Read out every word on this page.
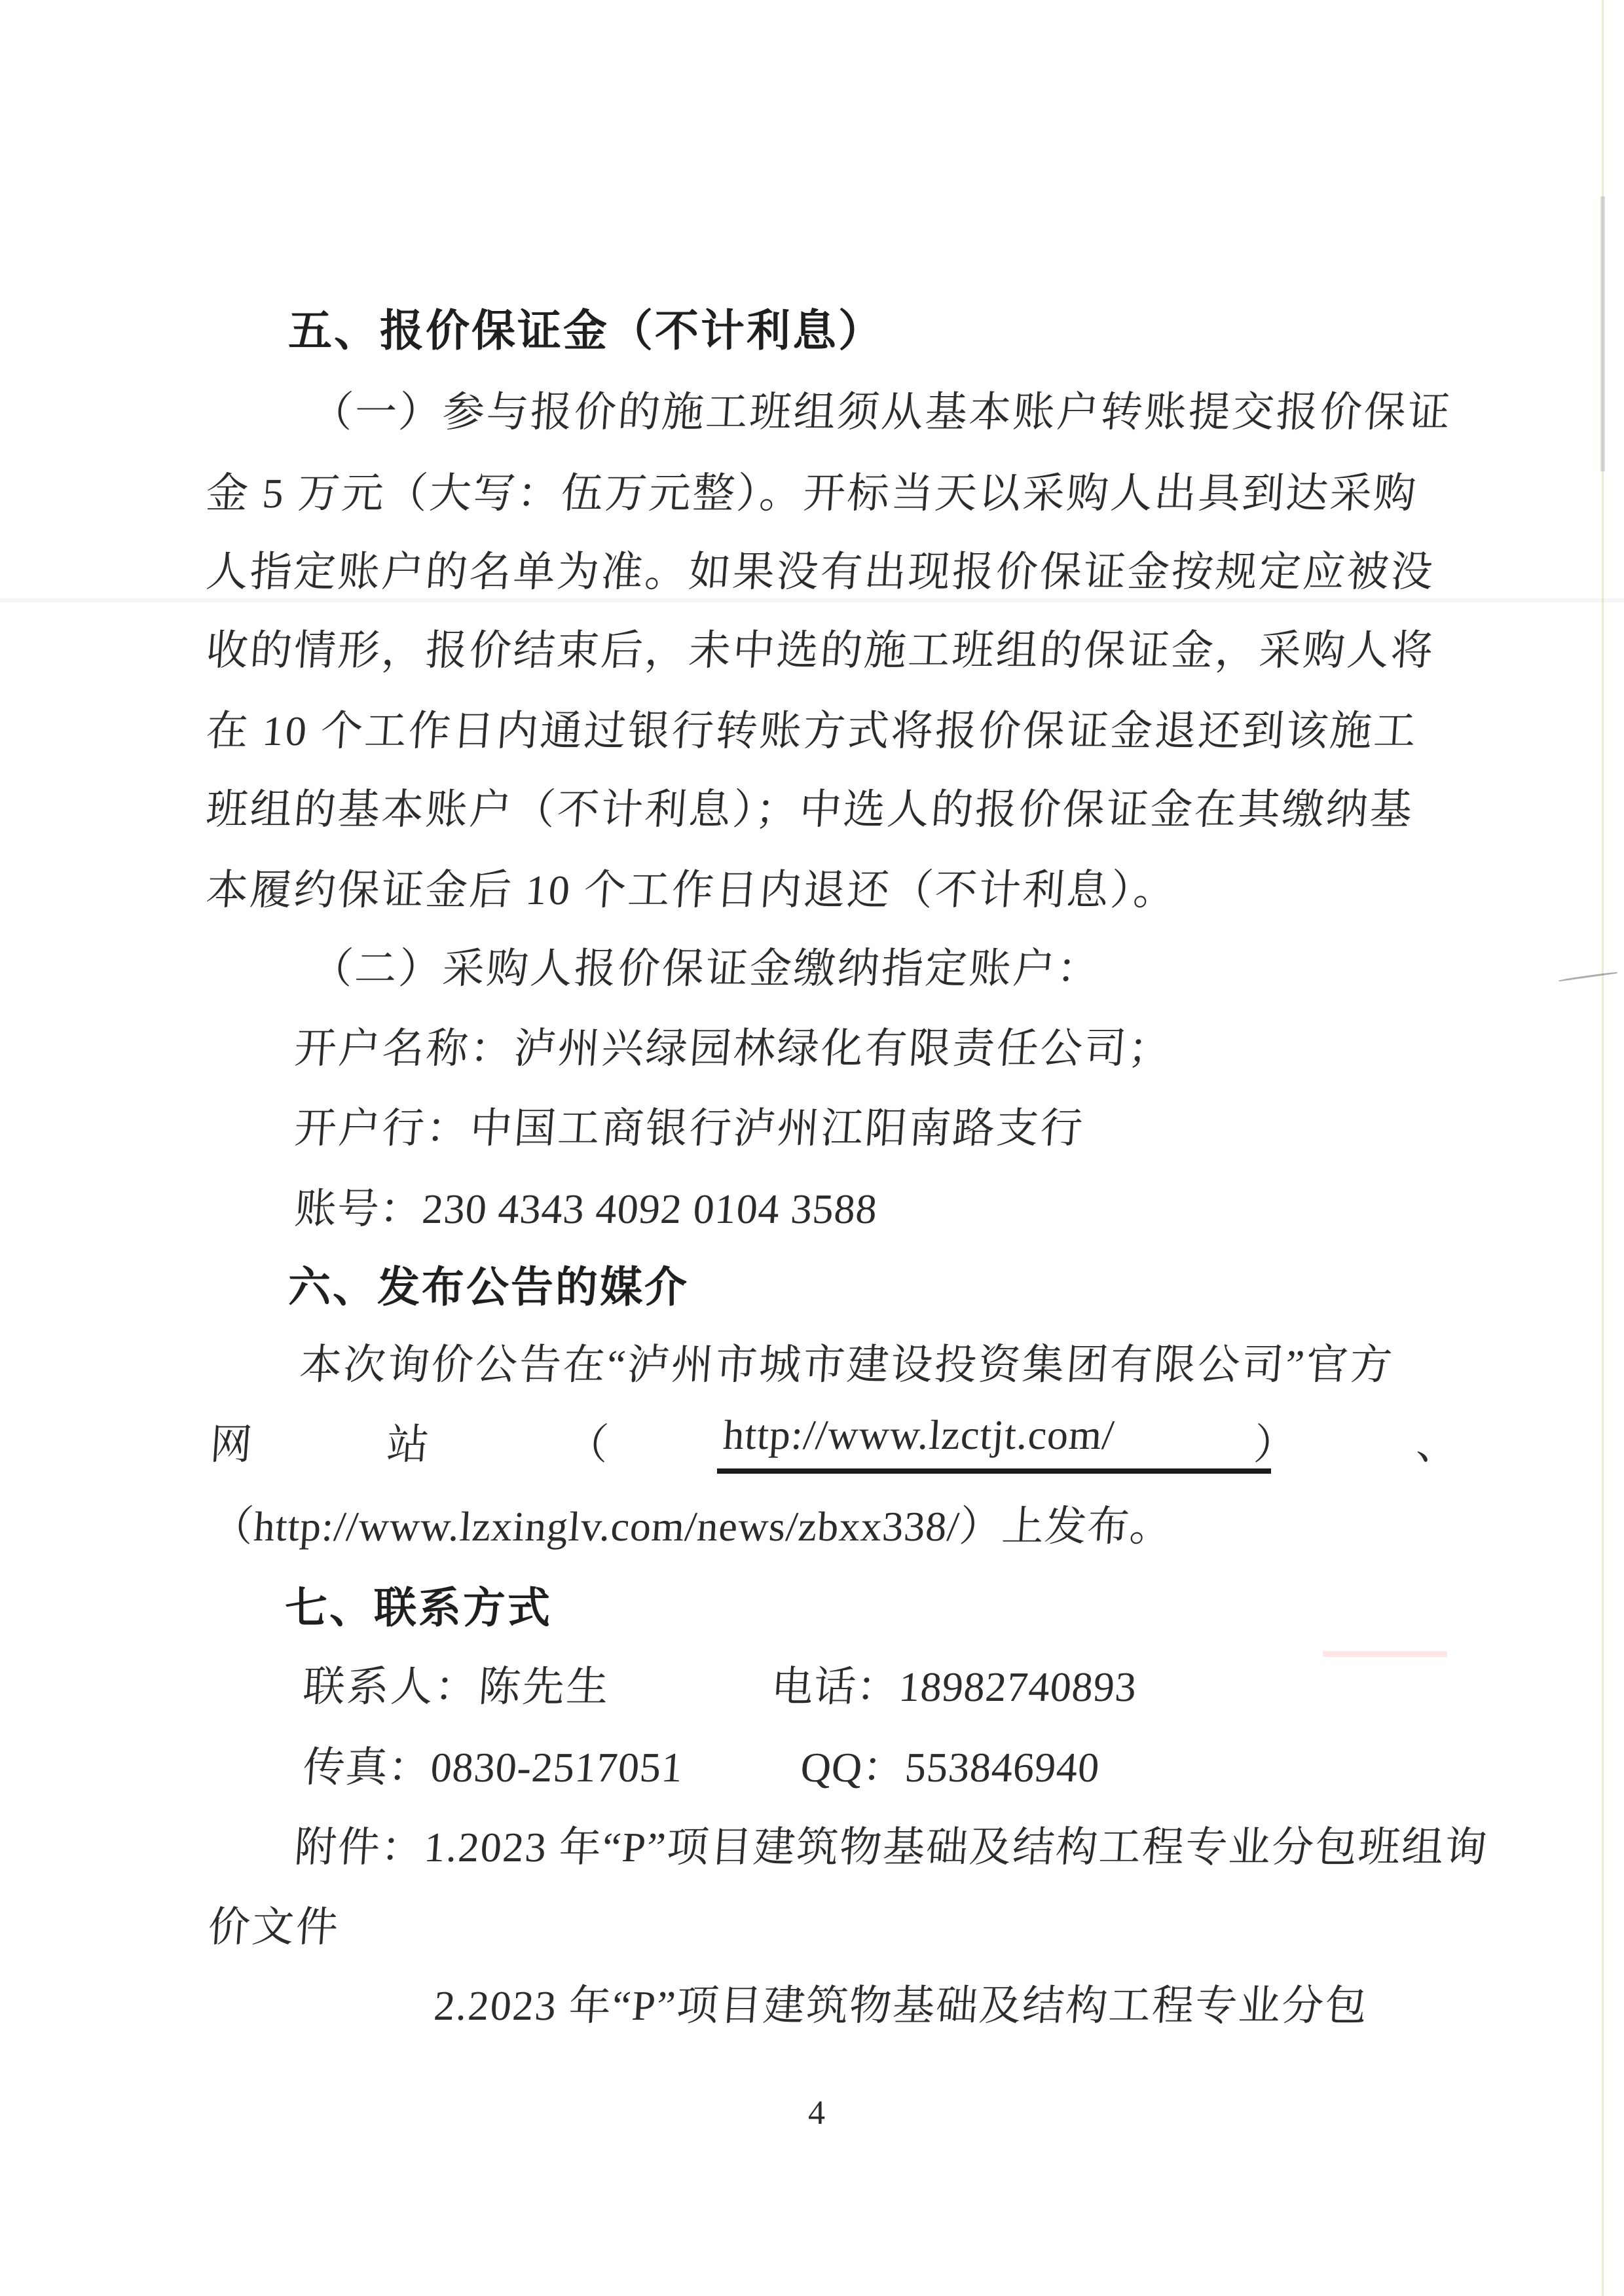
五、报价保证金（不计利息）
（一）参与报价的施工班组须从基本账户转账提交报价保证
金 5 万元（大写：伍万元整）。开标当天以采购人出具到达采购
人指定账户的名单为准。如果没有出现报价保证金按规定应被没
收的情形，报价结束后，未中选的施工班组的保证金，采购人将
在 10 个工作日内通过银行转账方式将报价保证金退还到该施工
班组的基本账户（不计利息）；中选人的报价保证金在其缴纳基
本履约保证金后 10 个工作日内退还（不计利息）。
（二）采购人报价保证金缴纳指定账户：
开户名称：泸州兴绿园林绿化有限责任公司；
开户行：中国工商银行泸州江阳南路支行
账号：230 4343 4092 0104 3588
六、发布公告的媒介
本次询价公告在“泸州市城市建设投资集团有限公司”官方
网	站	（	http://www.lzctjt.com/	）	、
（http://www.lzxinglv.com/news/zbxx338/）上发布。
七、联系方式
联系人：陈先生	电话：18982740893
传真：0830-2517051	QQ：553846940
附件：1.2023 年“P”项目建筑物基础及结构工程专业分包班组询
价文件
2.2023 年“P”项目建筑物基础及结构工程专业分包
4
